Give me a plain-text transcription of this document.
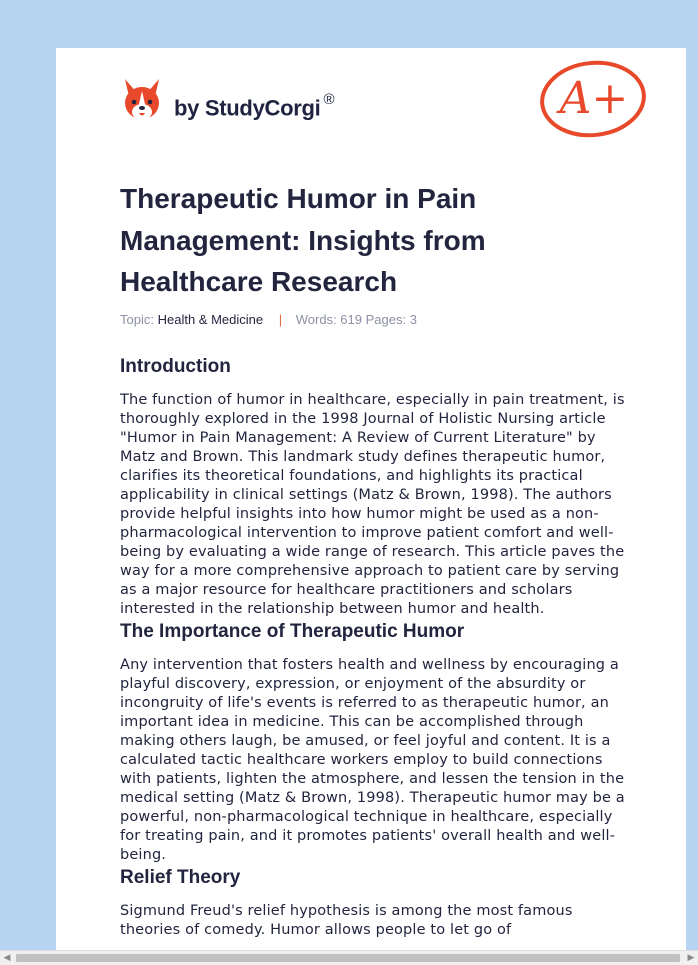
by StudyCorgi ®	A+
Therapeutic Humor in Pain Management: Insights from Healthcare Research
Topic: Health & Medicine | Words: 619 Pages: 3
Introduction

The function of humor in healthcare, especially in pain treatment, is thoroughly explored in the 1998 Journal of Holistic Nursing article "Humor in Pain Management: A Review of Current Literature" by Matz and Brown. This landmark study defines therapeutic humor, clarifies its theoretical foundations, and highlights its practical applicability in clinical settings (Matz & Brown, 1998). The authors provide helpful insights into how humor might be used as a non-pharmacological intervention to improve patient comfort and well-being by evaluating a wide range of research. This article paves the way for a more comprehensive approach to patient care by serving as a major resource for healthcare practitioners and scholars interested in the relationship between humor and health.

The Importance of Therapeutic Humor

Any intervention that fosters health and wellness by encouraging a playful discovery, expression, or enjoyment of the absurdity or incongruity of life's events is referred to as therapeutic humor, an important idea in medicine. This can be accomplished through making others laugh, be amused, or feel joyful and content. It is a calculated tactic healthcare workers employ to build connections with patients, lighten the atmosphere, and lessen the tension in the medical setting (Matz & Brown, 1998). Therapeutic humor may be a powerful, non-pharmacological technique in healthcare, especially for treating pain, and it promotes patients' overall health and well-being.

Relief Theory

Sigmund Freud's relief hypothesis is among the most famous theories of comedy. Humor allows people to let go of

◀	▶
